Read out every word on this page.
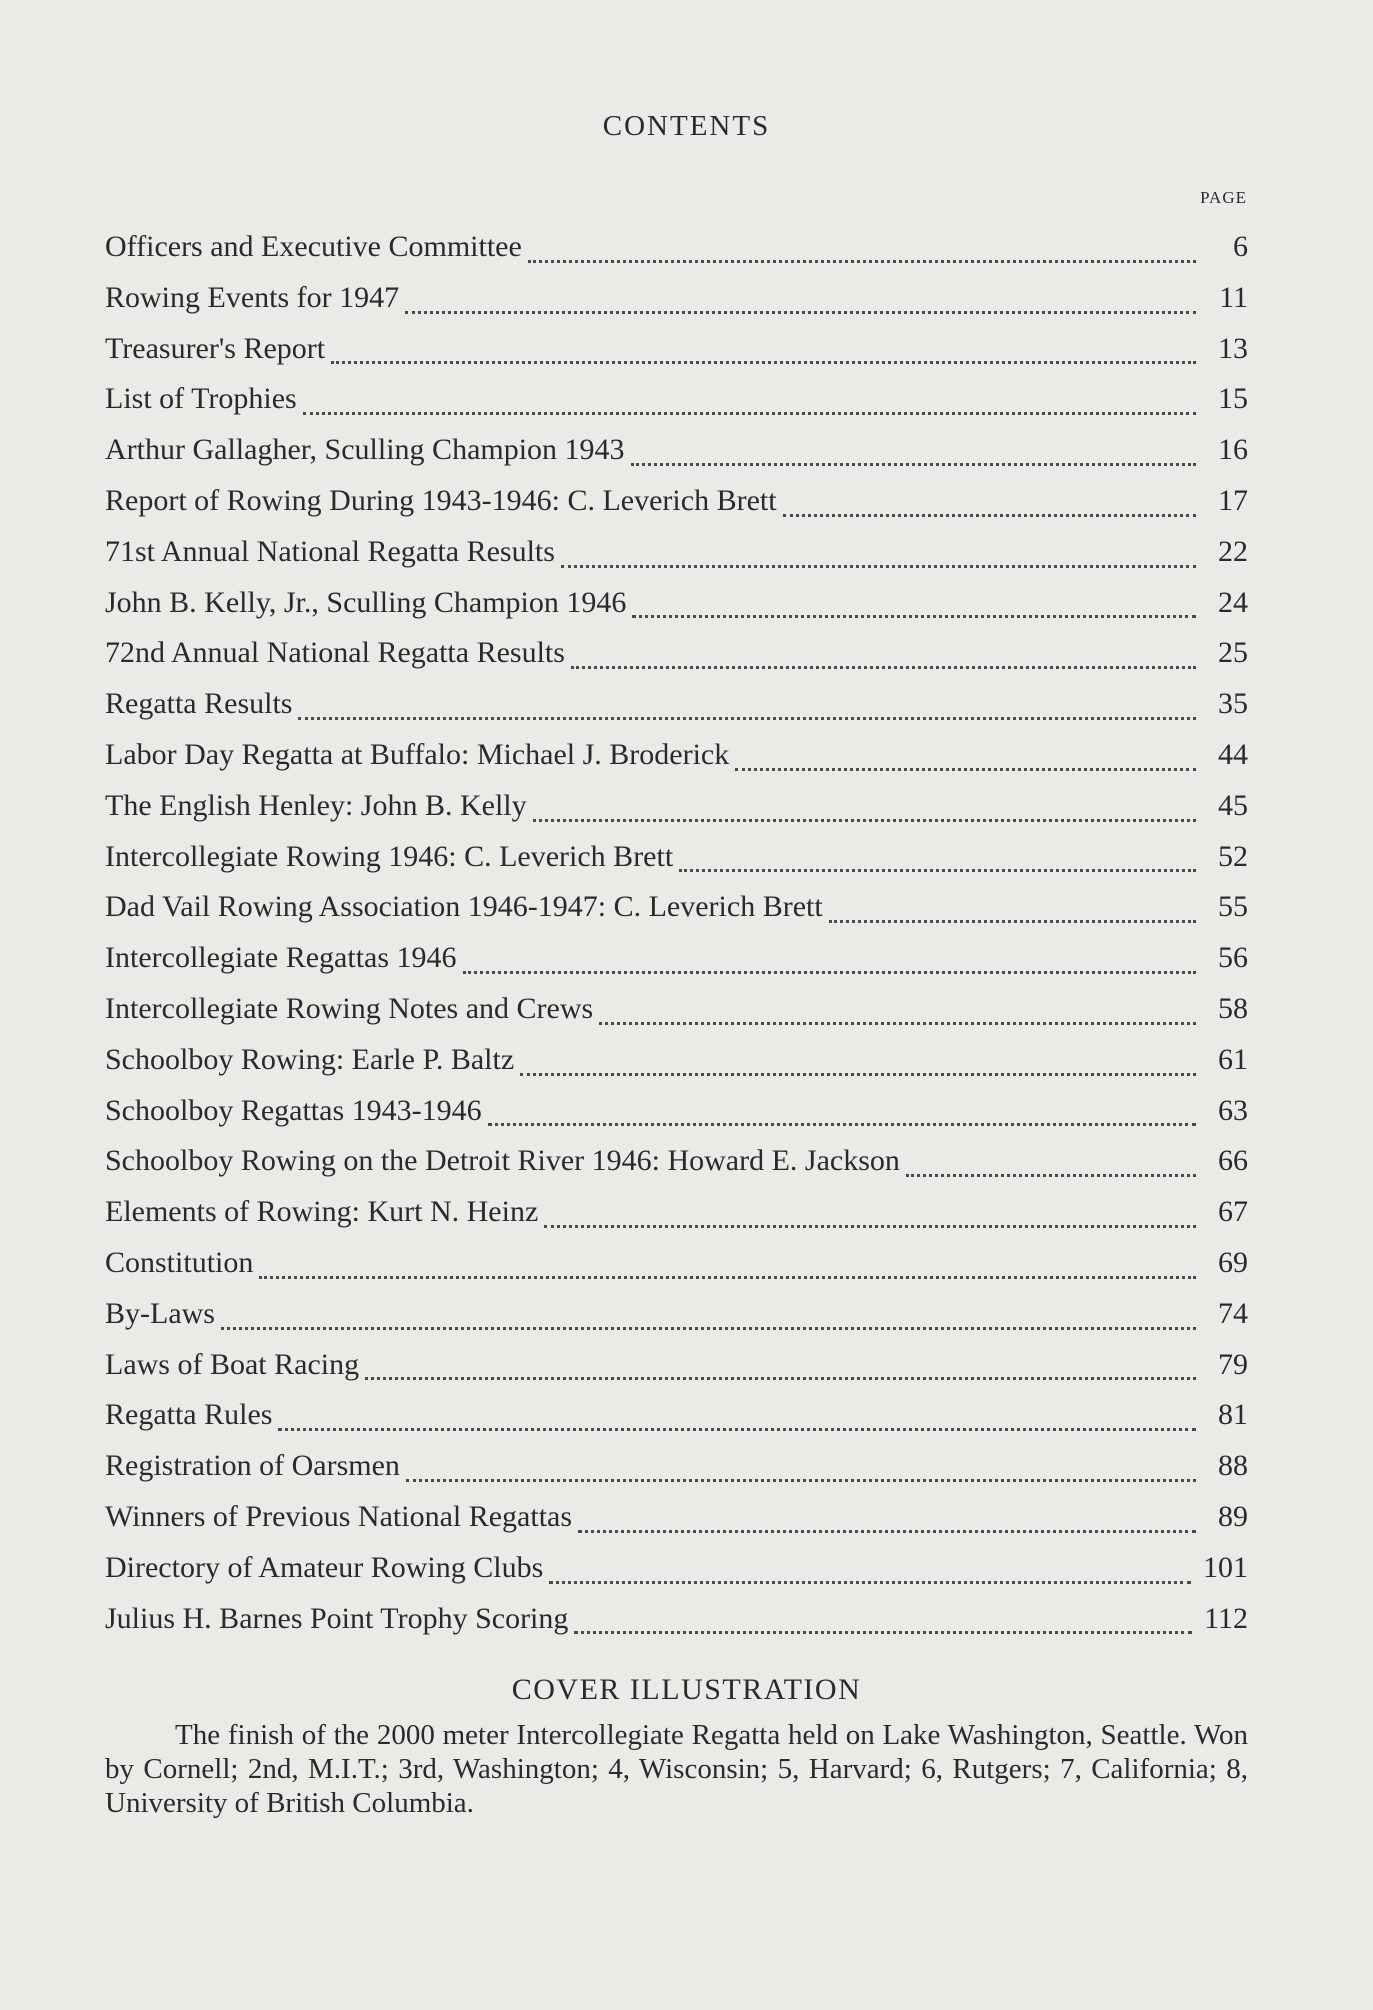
CONTENTS
PAGE
Officers and Executive Committee	6
Rowing Events for 1947	11
Treasurer's Report	13
List of Trophies	15
Arthur Gallagher, Sculling Champion 1943	16
Report of Rowing During 1943-1946: C. Leverich Brett	17
71st Annual National Regatta Results	22
John B. Kelly, Jr., Sculling Champion 1946	24
72nd Annual National Regatta Results	25
Regatta Results	35
Labor Day Regatta at Buffalo: Michael J. Broderick	44
The English Henley: John B. Kelly	45
Intercollegiate Rowing 1946: C. Leverich Brett	52
Dad Vail Rowing Association 1946-1947: C. Leverich Brett	55
Intercollegiate Regattas 1946	56
Intercollegiate Rowing Notes and Crews	58
Schoolboy Rowing: Earle P. Baltz	61
Schoolboy Regattas 1943-1946	63
Schoolboy Rowing on the Detroit River 1946: Howard E. Jackson	66
Elements of Rowing: Kurt N. Heinz	67
Constitution	69
By-Laws	74
Laws of Boat Racing	79
Regatta Rules	81
Registration of Oarsmen	88
Winners of Previous National Regattas	89
Directory of Amateur Rowing Clubs	101
Julius H. Barnes Point Trophy Scoring	112
COVER ILLUSTRATION

The finish of the 2000 meter Intercollegiate Regatta held on Lake Washington, Seattle. Won by Cornell; 2nd, M.I.T.; 3rd, Washington; 4, Wisconsin; 5, Harvard; 6, Rutgers; 7, California; 8, University of British Columbia.
